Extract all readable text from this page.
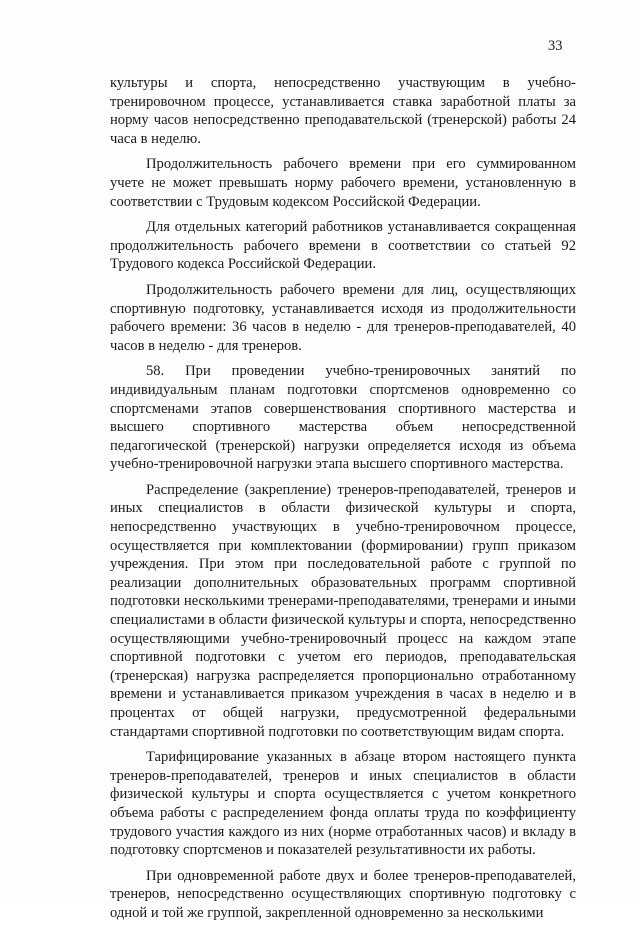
33

культуры и спорта, непосредственно участвующим в учебно-тренировочном процессе, устанавливается ставка заработной платы за норму часов непосредственно преподавательской (тренерской) работы 24 часа в неделю.

Продолжительность рабочего времени при его суммированном учете не может превышать норму рабочего времени, установленную в соответствии с Трудовым кодексом Российской Федерации.

Для отдельных категорий работников устанавливается сокращенная продолжительность рабочего времени в соответствии со статьей 92 Трудового кодекса Российской Федерации.

Продолжительность рабочего времени для лиц, осуществляющих спортивную подготовку, устанавливается исходя из продолжительности рабочего времени: 36 часов в неделю - для тренеров-преподавателей, 40 часов в неделю - для тренеров.

58. При проведении учебно-тренировочных занятий по индивидуальным планам подготовки спортсменов одновременно со спортсменами этапов совершенствования спортивного мастерства и высшего спортивного мастерства объем непосредственной педагогической (тренерской) нагрузки определяется исходя из объема учебно-тренировочной нагрузки этапа высшего спортивного мастерства.

Распределение (закрепление) тренеров-преподавателей, тренеров и иных специалистов в области физической культуры и спорта, непосредственно участвующих в учебно-тренировочном процессе, осуществляется при комплектовании (формировании) групп приказом учреждения. При этом при последовательной работе с группой по реализации дополнительных образовательных программ спортивной подготовки несколькими тренерами-преподавателями, тренерами и иными специалистами в области физической культуры и спорта, непосредственно осуществляющими учебно-тренировочный процесс на каждом этапе спортивной подготовки с учетом его периодов, преподавательская (тренерская) нагрузка распределяется пропорционально отработанному времени и устанавливается приказом учреждения в часах в неделю и в процентах от общей нагрузки, предусмотренной федеральными стандартами спортивной подготовки по соответствующим видам спорта.

Тарифицирование указанных в абзаце втором настоящего пункта тренеров-преподавателей, тренеров и иных специалистов в области физической культуры и спорта осуществляется с учетом конкретного объема работы с распределением фонда оплаты труда по коэффициенту трудового участия каждого из них (норме отработанных часов) и вкладу в подготовку спортсменов и показателей результативности их работы.

При одновременной работе двух и более тренеров-преподавателей, тренеров, непосредственно осуществляющих спортивную подготовку с одной и той же группой, закрепленной одновременно за несколькими
